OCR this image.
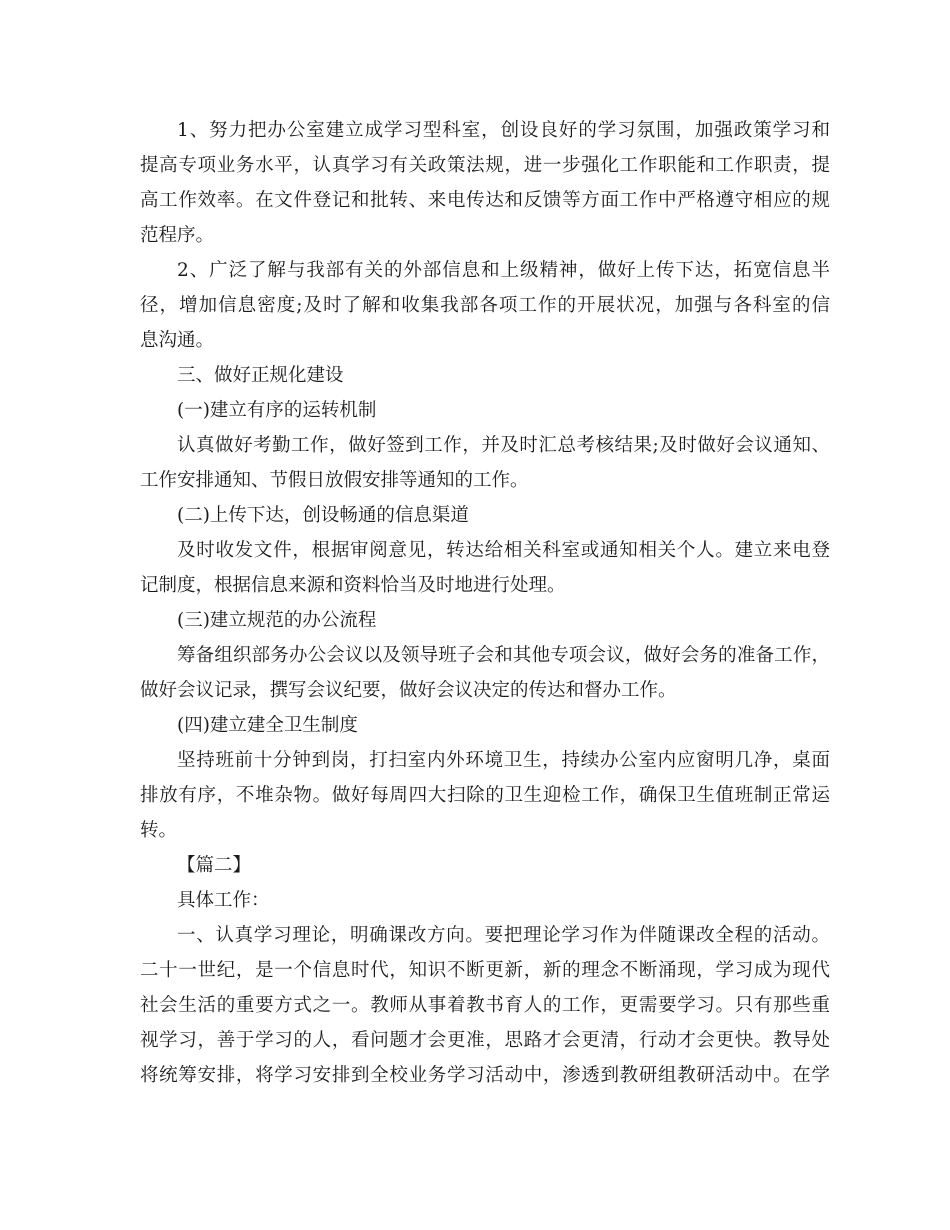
1、努力把办公室建立成学习型科室，创设良好的学习氛围，加强政策学习和
提高专项业务水平，认真学习有关政策法规，进一步强化工作职能和工作职责，提
高工作效率。在文件登记和批转、来电传达和反馈等方面工作中严格遵守相应的规
范程序。
2、广泛了解与我部有关的外部信息和上级精神，做好上传下达，拓宽信息半
径，增加信息密度;及时了解和收集我部各项工作的开展状况，加强与各科室的信
息沟通。
三、做好正规化建设
(一)建立有序的运转机制
认真做好考勤工作，做好签到工作，并及时汇总考核结果;及时做好会议通知、
工作安排通知、节假日放假安排等通知的工作。
(二)上传下达，创设畅通的信息渠道
及时收发文件，根据审阅意见，转达给相关科室或通知相关个人。建立来电登
记制度，根据信息来源和资料恰当及时地进行处理。
(三)建立规范的办公流程
筹备组织部务办公会议以及领导班子会和其他专项会议，做好会务的准备工作，
做好会议记录，撰写会议纪要，做好会议决定的传达和督办工作。
(四)建立建全卫生制度
坚持班前十分钟到岗，打扫室内外环境卫生，持续办公室内应窗明几净，桌面
排放有序，不堆杂物。做好每周四大扫除的卫生迎检工作，确保卫生值班制正常运
转。
【篇二】
具体工作：
一、认真学习理论，明确课改方向。要把理论学习作为伴随课改全程的活动。
二十一世纪，是一个信息时代，知识不断更新，新的理念不断涌现，学习成为现代
社会生活的重要方式之一。教师从事着教书育人的工作，更需要学习。只有那些重
视学习，善于学习的人，看问题才会更准，思路才会更清，行动才会更快。教导处
将统筹安排，将学习安排到全校业务学习活动中，渗透到教研组教研活动中。在学
